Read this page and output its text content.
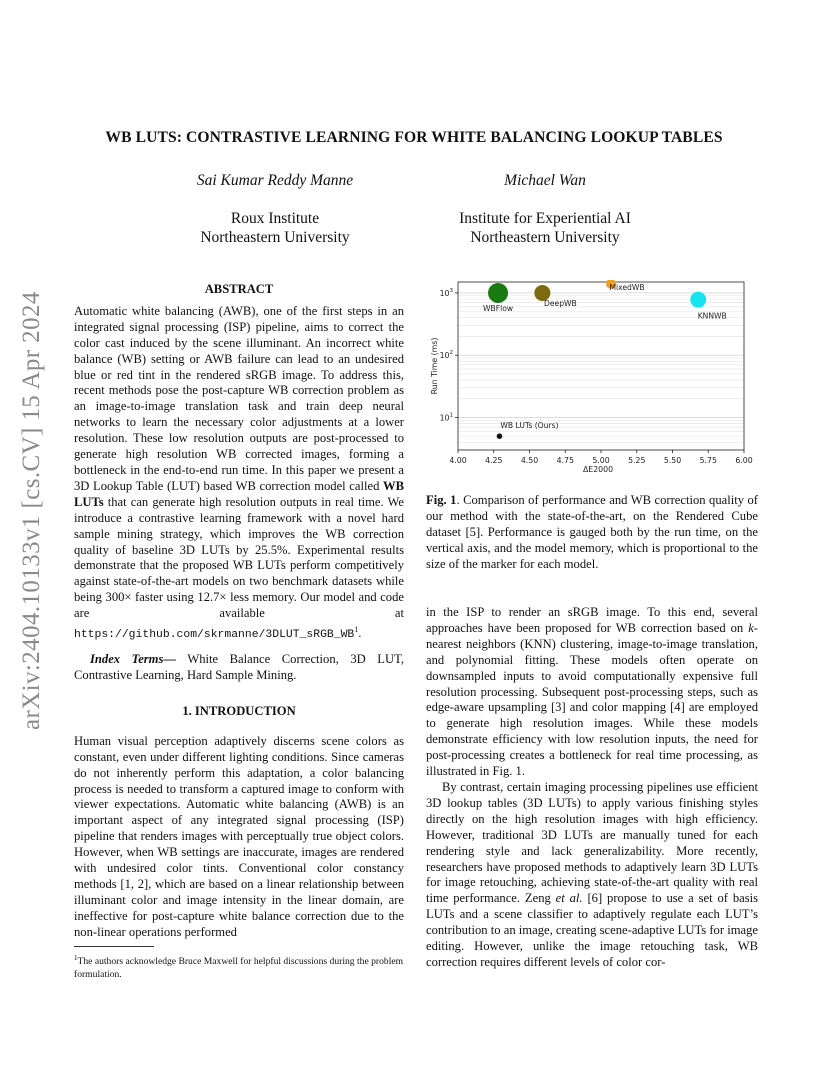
arXiv:2404.10133v1 [cs.CV] 15 Apr 2024
WB LUTS: CONTRASTIVE LEARNING FOR WHITE BALANCING LOOKUP TABLES
Sai Kumar Reddy Manne	Michael Wan
Roux Institute
Northeastern University
Institute for Experiential AI
Northeastern University
ABSTRACT

Automatic white balancing (AWB), one of the first steps in an integrated signal processing (ISP) pipeline, aims to correct the color cast induced by the scene illuminant. An incorrect white balance (WB) setting or AWB failure can lead to an undesired blue or red tint in the rendered sRGB image. To address this, recent methods pose the post-capture WB correction problem as an image-to-image translation task and train deep neural networks to learn the necessary color adjustments at a lower resolution. These low resolution outputs are post-processed to generate high resolution WB corrected images, forming a bottleneck in the end-to-end run time. In this paper we present a 3D Lookup Table (LUT) based WB correction model called WB LUTs that can generate high resolution outputs in real time. We introduce a contrastive learning framework with a novel hard sample mining strategy, which improves the WB correction quality of baseline 3D LUTs by 25.5%. Experimental results demonstrate that the proposed WB LUTs perform competitively against state-of-the-art models on two benchmark datasets while being 300× faster using 12.7× less memory. Our model and code are available at $https://github.com/skrmanne/3DLUT\_sRGB\_WB^1$.

Index Terms— White Balance Correction, 3D LUT, Contrastive Learning, Hard Sample Mining.

1. INTRODUCTION

Human visual perception adaptively discerns scene colors as constant, even under different lighting conditions. Since cameras do not inherently perform this adaptation, a color balancing process is needed to transform a captured image to conform with viewer expectations. Automatic white balancing (AWB) is an important aspect of any integrated signal processing (ISP) pipeline that renders images with perceptually true object colors. However, when WB settings are inaccurate, images are rendered with undesired color tints. Conventional color constancy methods [1, 2], which are based on a linear relationship between illuminant color and image intensity in the linear domain, are ineffective for post-capture white balance correction due to the non-linear operations performed

$^1$The authors acknowledge Bruce Maxwell for helpful discussions during the problem formulation.
4.00 4.25 4.50 4.75 5.00 5.25 5.50 5.75 6.00
$10^3$
$10^2$
$10^1$
ΔE2000
Run Time (ms)
WBFlow
DeepWB
MixedWB
KNNWB
WB LUTs (Ours)
Fig. 1. Comparison of performance and WB correction quality of our method with the state-of-the-art, on the Rendered Cube dataset [5]. Performance is gauged both by the run time, on the vertical axis, and the model memory, which is proportional to the size of the marker for each model.

in the ISP to render an sRGB image. To this end, several approaches have been proposed for WB correction based on k-nearest neighbors (KNN) clustering, image-to-image translation, and polynomial fitting. These models often operate on downsampled inputs to avoid computationally expensive full resolution processing. Subsequent post-processing steps, such as edge-aware upsampling [3] and color mapping [4] are employed to generate high resolution images. While these models demonstrate efficiency with low resolution inputs, the need for post-processing creates a bottleneck for real time processing, as illustrated in Fig. 1.

By contrast, certain imaging processing pipelines use efficient 3D lookup tables (3D LUTs) to apply various finishing styles directly on the high resolution images with high efficiency. However, traditional 3D LUTs are manually tuned for each rendering style and lack generalizability. More recently, researchers have proposed methods to adaptively learn 3D LUTs for image retouching, achieving state-of-the-art quality with real time performance. Zeng et al. [6] propose to use a set of basis LUTs and a scene classifier to adaptively regulate each LUT’s contribution to an image, creating scene-adaptive LUTs for image editing. However, unlike the image retouching task, WB correction requires different levels of color cor-
